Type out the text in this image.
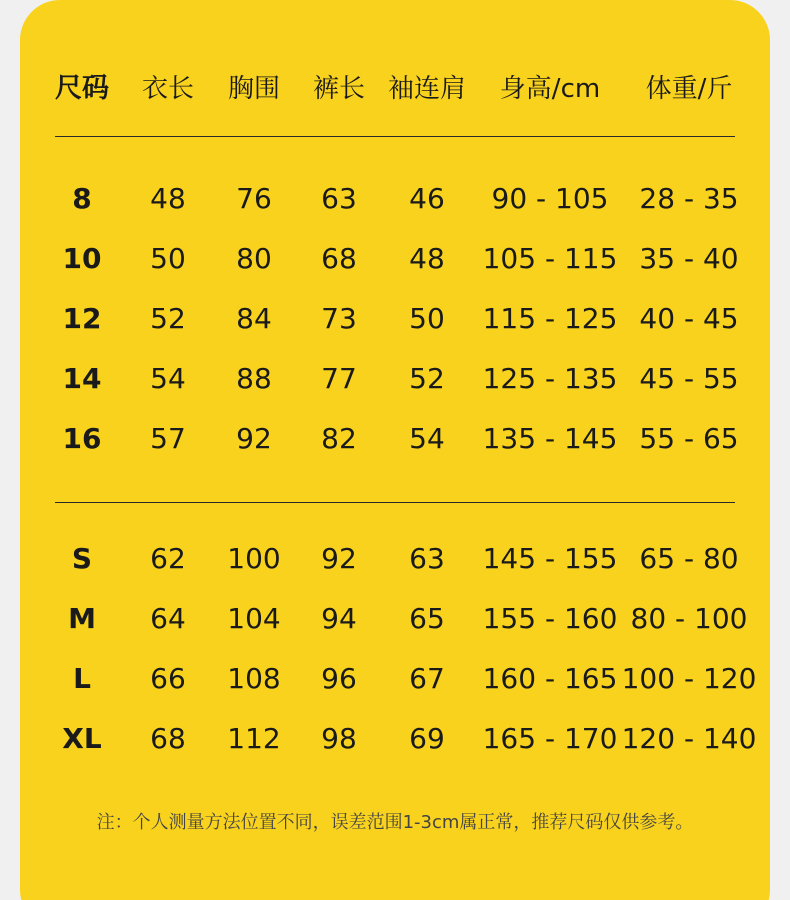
尺码 衣长 胸围 裤长 袖连肩 身高/cm 体重/斤
8 48 76 63 46 90 - 105 28 - 35
10 50 80 68 48 105 - 115 35 - 40
12 52 84 73 50 115 - 125 40 - 45
14 54 88 77 52 125 - 135 45 - 55
16 57 92 82 54 135 - 145 55 - 65
S 62 100 92 63 145 - 155 65 - 80
M 64 104 94 65 155 - 160 80 - 100
L 66 108 96 67 160 - 165 100 - 120
XL 68 112 98 69 165 - 170 120 - 140
注：个人测量方法位置不同，误差范围1-3cm属正常，推荐尺码仅供参考。
